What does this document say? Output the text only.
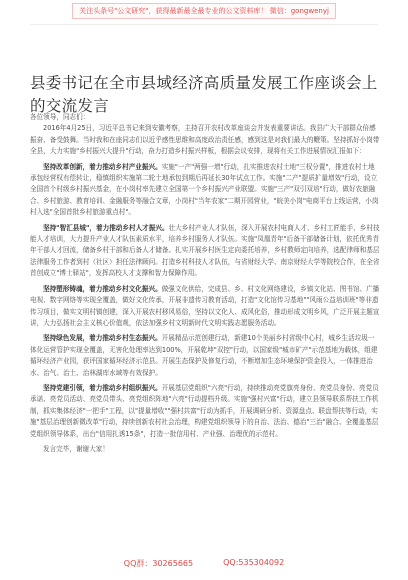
关注头条号"公文研究"，获得最新最全最专业的公文资料库！ 微信：gongwenyj
县委书记在全市县域经济高质量发展工作座谈会上的交流发言

各位领导，同志们：

2016年4月25日，习近平总书记来到安徽考察，主持召开农村改革座谈会并发表重要讲话。我县广大干部群众倍感振奋、备受鼓舞。当时我和在座同志们以近乎感性思维和高度政治责任感，感到这是对我们最大的鞭策。坚持抓好小岗带全县，大力实施"乡村振兴大提升"行动，奋力打造乡村振兴样板，根据会议安排，现将有关工作进展情况汇报如下：

坚持改革创新，着力推动乡村产业振兴。实施"一产"两强一增"行动，扎实推进农村土地"三权分置"，推进农村土地承包经营权有偿转让，稳慎组织实施第二轮土地承包到期后再延长30年试点工作。实施"二产"提质扩量增效"行动，设立全国首个村级乡村振兴基金，在小岗村率先建立全国第一个乡村振兴产业联盟。实施"三产"双引双培"行动，做好农旅融合、乡村旅游、教育培训、金融服务等融合文章，小岗村"当年农家"二期开园营业，"皖美小岗"电商平台上线运营，小岗村入选"全国首批乡村旅游重点村"。

坚持"智汇县城"，着力推动乡村人才振兴。壮大乡村产业人才队伍，深入开展农村电商人才、乡村工匠能手、乡村技能人才培训，大力提升产业人才队伍素质水平，培养乡村服务人才队伍。实施"凤凰青年"后备干部储备计划，依托优秀青年干部人才回流，储备乡村干部和后备人才储备。扎实开展乡村医生定向委托培养，乡村教师定向培养，选配律师和基层法律服务工作者到村（社区）担任法律顾问。打造乡村科技人才队伍，与省财经大学、南京财经大学等院校合作，在全省首创成立"博士驿站"，发挥高校人才支撑和智力保障作用。

坚持塑形铸魂，着力推动乡村文化振兴。做强文化供给，完成县、乡、村文化网络建设，乡镇文化站、图书馆、广播电视、数字网络等实现全覆盖，做好文化传承，开展非遗传习教育活动，打造"文化馆传习基地""风雨公益培训班"等非遗传习项目，做实文明村镇创建，深入开展农村移风易俗，坚持以文化人、成风化俗，推动形成文明乡风，广泛开展主题宣讲，大力弘扬社会主义核心价值观，依法加强乡村文明新时代文明实践志愿服务活动。

坚持绿色发展，着力推动乡村生态振兴。开展精品示范创建行动，新建10个美丽乡村省级中心村，城乡生活垃圾一体化运营管护实现全覆盖，无害化处理率达到100%，开展乾坤"双控"行动，以国家级"城市矿产"示范基地为载体，组建循环经济产业园，获评国家循环经济示范县。开展生态保护及修复行动，不断增加生态环境保护资金投入，一体推进治水、治气、治土、治林湖库水域等有效保护。

坚持党建引领，着力推动乡村组织振兴。开展基层党组织"六亮"行动，持续推动亮党旗亮身份、亮党员身份、亮党员承诺、亮党员活动、亮党员带头、亮党组织阵地"六亮"行动提档升级。实施"强村兴富"行动，建立县领导联系帮扶工作机制，抓实集体经济"一把手"工程，以"提量增收""强村共富"行动为抓手，开展调研分析、资源盘点、联盘帮扶等行动，实施"基层治理创新微改革"行动，持续创新农村社会治理，构建党组织领导下的自治、法治、德治"三治"融合、全覆盖基层党组织领导体系，出台"信用扎诱15条"，打造一批信用村、产业强、治理优的示范村。

发言完毕，谢谢大家！

QQ群：30265665	QQ:535304092
